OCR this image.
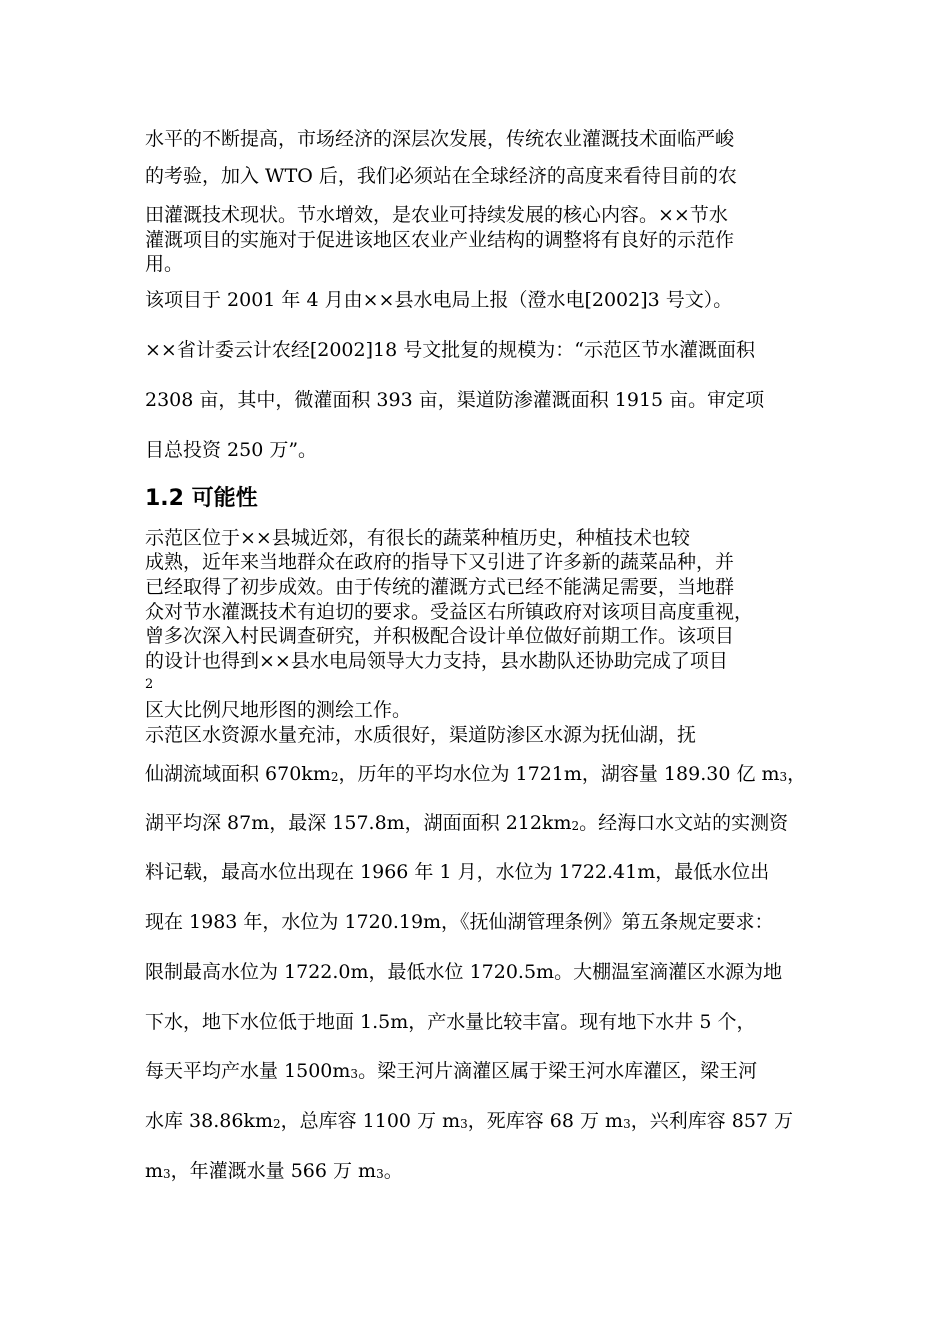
水平的不断提高，市场经济的深层次发展，传统农业灌溉技术面临严峻

的考验，加入 WTO 后，我们必须站在全球经济的高度来看待目前的农

田灌溉技术现状。节水增效，是农业可持续发展的核心内容。××节水

灌溉项目的实施对于促进该地区农业产业结构的调整将有良好的示范作

用。

该项目于 2001 年 4 月由××县水电局上报（澄水电[2002]3 号文）。

××省计委云计农经[2002]18 号文批复的规模为：“示范区节水灌溉面积

2308 亩，其中，微灌面积 393 亩，渠道防渗灌溉面积 1915 亩。审定项

目总投资 250 万”。

1.2 可能性

示范区位于××县城近郊，有很长的蔬菜种植历史，种植技术也较

成熟，近年来当地群众在政府的指导下又引进了许多新的蔬菜品种，并

已经取得了初步成效。由于传统的灌溉方式已经不能满足需要，当地群

众对节水灌溉技术有迫切的要求。受益区右所镇政府对该项目高度重视，

曾多次深入村民调查研究，并积极配合设计单位做好前期工作。该项目

的设计也得到××县水电局领导大力支持，县水勘队还协助完成了项目

2

区大比例尺地形图的测绘工作。

示范区水资源水量充沛，水质很好，渠道防渗区水源为抚仙湖，抚

仙湖流域面积 $670km_2$，历年的平均水位为 1721m，湖容量 189.30 亿 $m_3$，

湖平均深 87m，最深 157.8m，湖面面积 $212km_2$。经海口水文站的实测资

料记载，最高水位出现在 1966 年 1 月，水位为 1722.41m，最低水位出

现在 1983 年，水位为 1720.19m，《抚仙湖管理条例》第五条规定要求：

限制最高水位为 1722.0m，最低水位 1720.5m。大棚温室滴灌区水源为地

下水，地下水位低于地面 1.5m，产水量比较丰富。现有地下水井 5 个，

每天平均产水量 $1500m_3$。梁王河片滴灌区属于梁王河水库灌区，梁王河

水库 $38.86km_2$，总库容 1100 万 $m_3$，死库容 68 万 $m_3$，兴利库容 857 万

$m_3$，年灌溉水量 566 万 $m_3$。
